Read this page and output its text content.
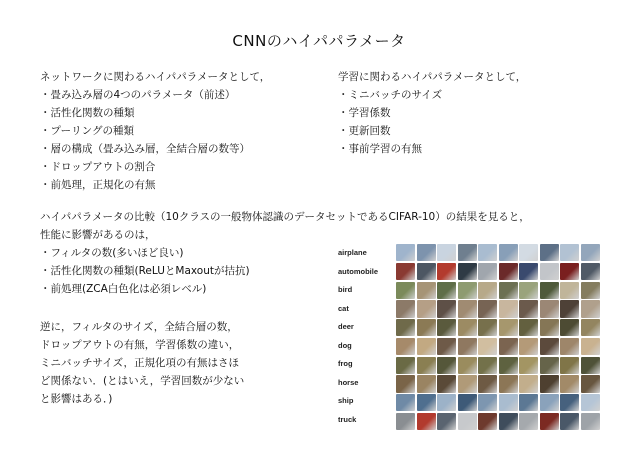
CNNのハイパパラメータ
ネットワークに関わるハイパパラメータとして，
・畳み込み層の4つのパラメータ（前述）
・活性化関数の種類
・プーリングの種類
・層の構成（畳み込み層，全結合層の数等）
・ドロップアウトの割合
・前処理，正規化の有無
学習に関わるハイパパラメータとして，
・ミニバッチのサイズ
・学習係数
・更新回数
・事前学習の有無
ハイパパラメータの比較（10クラスの一般物体認識のデータセットであるCIFAR-10）の結果を見ると，
性能に影響があるのは，
・フィルタの数(多いほど良い)
・活性化関数の種類(ReLUとMaxoutが拮抗)
・前処理(ZCA白色化は必須レベル)
逆に，フィルタのサイズ，全結合層の数，
ドロップアウトの有無，学習係数の違い，
ミニバッチサイズ，正規化項の有無はさほ
ど関係ない．(とはいえ，学習回数が少ない
と影響はある．)
airplane
automobile
bird
cat
deer
dog
frog
horse
ship
truck
